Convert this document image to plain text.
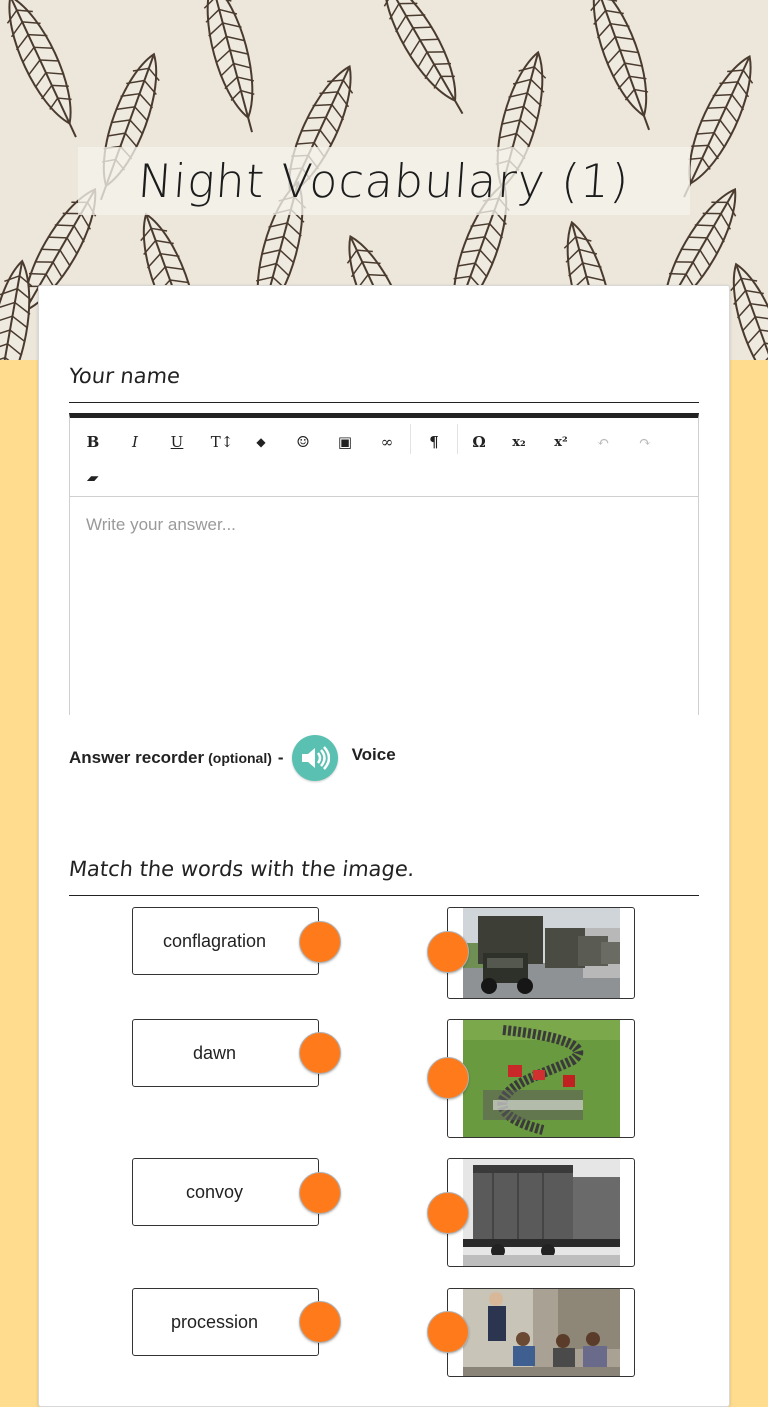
Night Vocabulary (1)
Your name
B	I	U	T↕	◆	☺	▣	∞	¶	Ω	x₂	x²	↶	↷
▰
Write your answer...
Answer recorder (optional) -	Voice
Match the words with the image.
conflagration
dawn
convoy
procession
